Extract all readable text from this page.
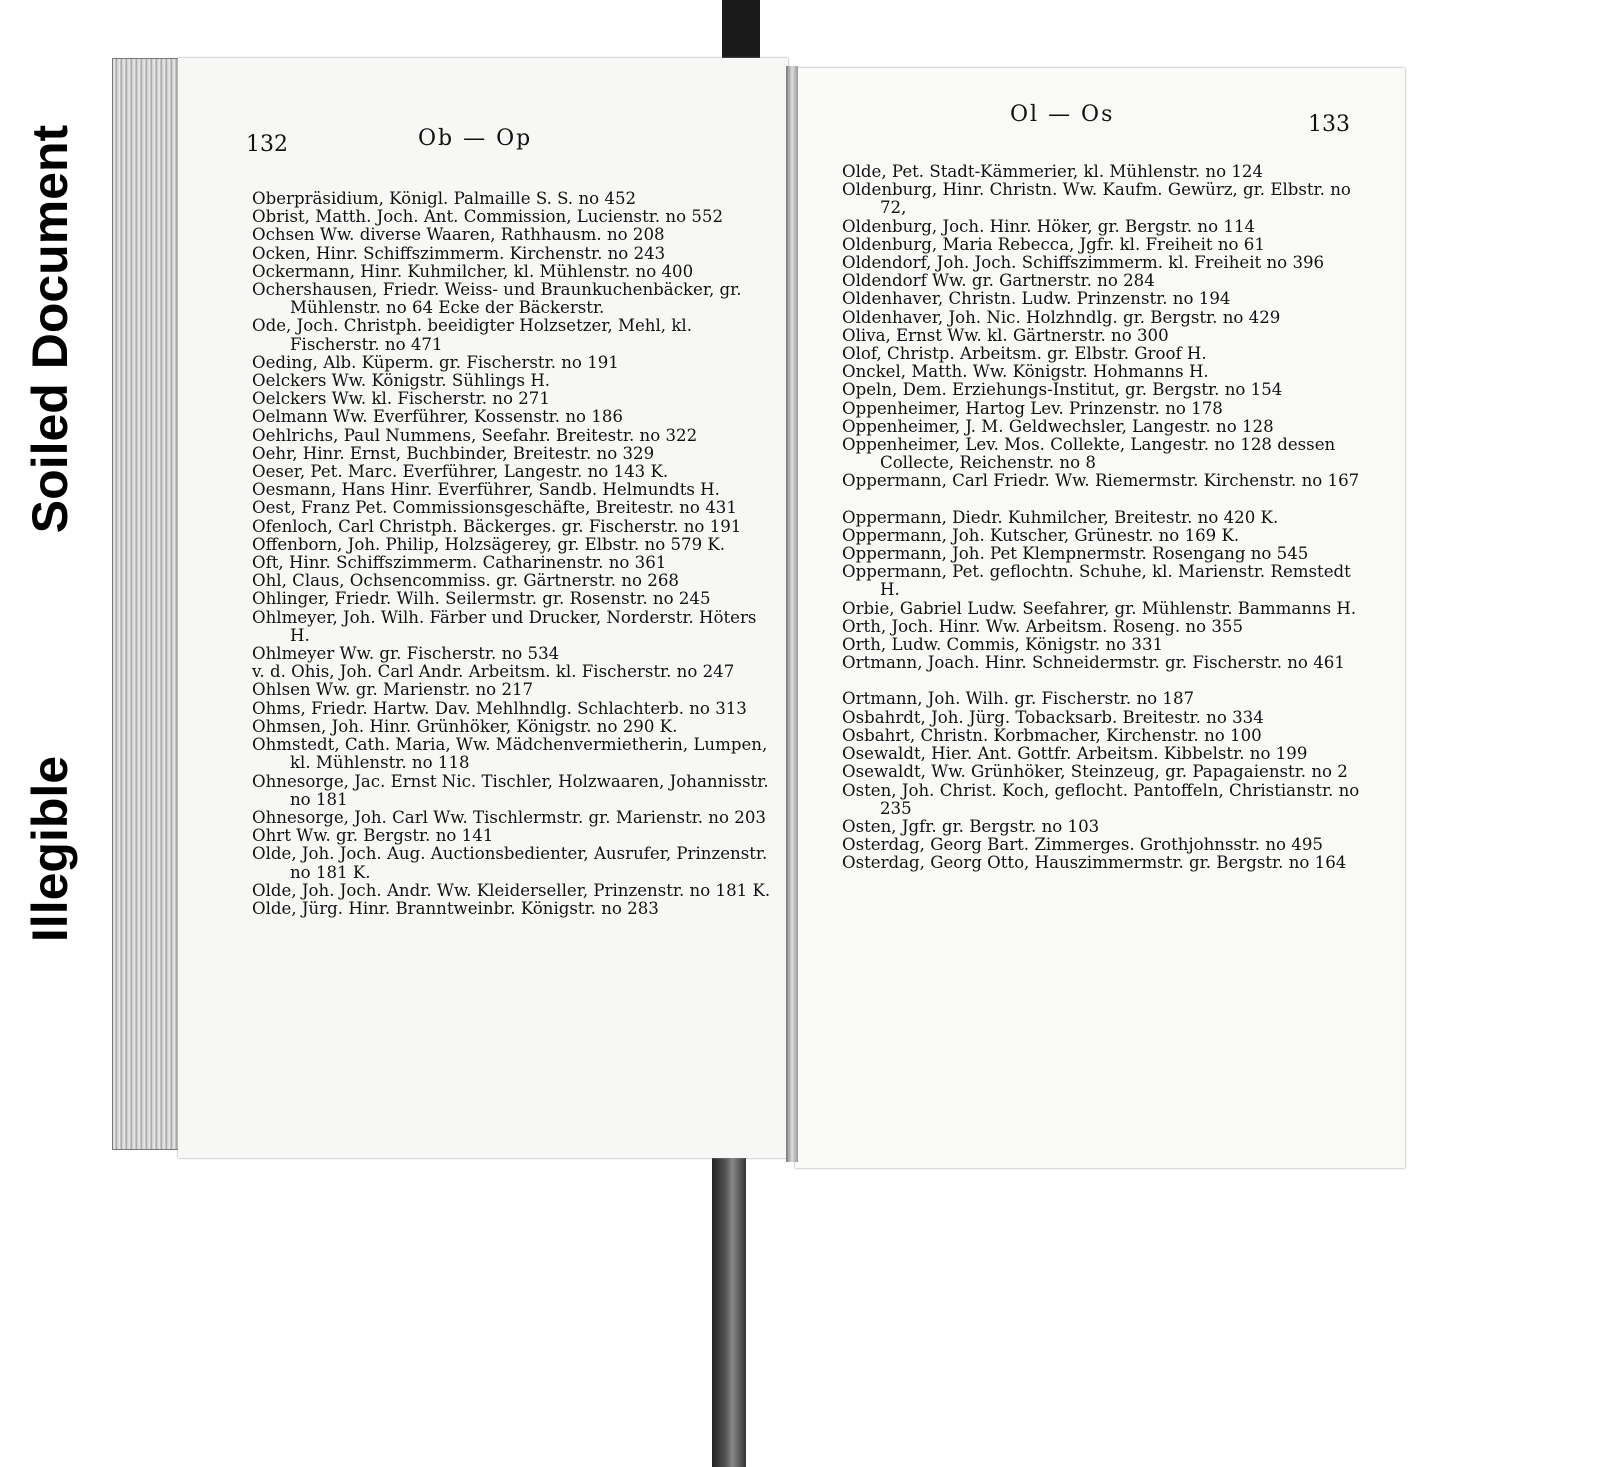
Soiled Document
Illegible
132	Ob — Op
Ol — Os	133

Oberpräsidium, Königl. Palmaille S. S. no 452

Obrist, Matth. Joch. Ant. Commission, Lucienstr. no 552

Ochsen Ww. diverse Waaren, Rathhausm. no 208

Ocken, Hinr. Schiffszimmerm. Kirchenstr. no 243

Ockermann, Hinr. Kuhmilcher, kl. Mühlenstr. no 400

Ochershausen, Friedr. Weiss- und Braunkuchenbäcker, gr. Mühlenstr. no 64 Ecke der Bäckerstr.

Ode, Joch. Christph. beeidigter Holzsetzer, Mehl, kl. Fischerstr. no 471

Oeding, Alb. Küperm. gr. Fischerstr. no 191

Oelckers Ww. Königstr. Sühlings H.

Oelckers Ww. kl. Fischerstr. no 271

Oelmann Ww. Everführer, Kossenstr. no 186

Oehlrichs, Paul Nummens, Seefahr. Breitestr. no 322

Oehr, Hinr. Ernst, Buchbinder, Breitestr. no 329

Oeser, Pet. Marc. Everführer, Langestr. no 143 K.

Oesmann, Hans Hinr. Everführer, Sandb. Helmundts H.

Oest, Franz Pet. Commissionsgeschäfte, Breitestr. no 431

Ofenloch, Carl Christph. Bäckerges. gr. Fischerstr. no 191

Offenborn, Joh. Philip, Holzsägerey, gr. Elbstr. no 579 K.

Oft, Hinr. Schiffszimmerm. Catharinenstr. no 361

Ohl, Claus, Ochsencommiss. gr. Gärtnerstr. no 268

Ohlinger, Friedr. Wilh. Seilermstr. gr. Rosenstr. no 245

Ohlmeyer, Joh. Wilh. Färber und Drucker, Norderstr. Höters H.

Ohlmeyer Ww. gr. Fischerstr. no 534

v. d. Ohis, Joh. Carl Andr. Arbeitsm. kl. Fischerstr. no 247

Ohlsen Ww. gr. Marienstr. no 217

Ohms, Friedr. Hartw. Dav. Mehlhndlg. Schlachterb. no 313

Ohmsen, Joh. Hinr. Grünhöker, Königstr. no 290 K.

Ohmstedt, Cath. Maria, Ww. Mädchenvermietherin, Lumpen, kl. Mühlenstr. no 118

Ohnesorge, Jac. Ernst Nic. Tischler, Holzwaaren, Johannisstr. no 181

Ohnesorge, Joh. Carl Ww. Tischlermstr. gr. Marienstr. no 203

Ohrt Ww. gr. Bergstr. no 141

Olde, Joh. Joch. Aug. Auctionsbedienter, Ausrufer, Prinzenstr. no 181 K.

Olde, Joh. Joch. Andr. Ww. Kleiderseller, Prinzenstr. no 181 K.

Olde, Jürg. Hinr. Branntweinbr. Königstr. no 283

Olde, Pet. Stadt-Kämmerier, kl. Mühlenstr. no 124

Oldenburg, Hinr. Christn. Ww. Kaufm. Gewürz, gr. Elbstr. no 72,

Oldenburg, Joch. Hinr. Höker, gr. Bergstr. no 114

Oldenburg, Maria Rebecca, Jgfr. kl. Freiheit no 61

Oldendorf, Joh. Joch. Schiffszimmerm. kl. Freiheit no 396

Oldendorf Ww. gr. Gartnerstr. no 284

Oldenhaver, Christn. Ludw. Prinzenstr. no 194

Oldenhaver, Joh. Nic. Holzhndlg. gr. Bergstr. no 429

Oliva, Ernst Ww. kl. Gärtnerstr. no 300

Olof, Christp. Arbeitsm. gr. Elbstr. Groof H.

Onckel, Matth. Ww. Königstr. Hohmanns H.

Opeln, Dem. Erziehungs-Institut, gr. Bergstr. no 154

Oppenheimer, Hartog Lev. Prinzenstr. no 178

Oppenheimer, J. M. Geldwechsler, Langestr. no 128

Oppenheimer, Lev. Mos. Collekte, Langestr. no 128 dessen Collecte, Reichenstr. no 8

Oppermann, Carl Friedr. Ww. Riemermstr. Kirchenstr. no 167

Oppermann, Diedr. Kuhmilcher, Breitestr. no 420 K.

Oppermann, Joh. Kutscher, Grünestr. no 169 K.

Oppermann, Joh. Pet Klempnermstr. Rosengang no 545

Oppermann, Pet. geflochtn. Schuhe, kl. Marienstr. Remstedt H.

Orbie, Gabriel Ludw. Seefahrer, gr. Mühlenstr. Bammanns H.

Orth, Joch. Hinr. Ww. Arbeitsm. Roseng. no 355

Orth, Ludw. Commis, Königstr. no 331

Ortmann, Joach. Hinr. Schneidermstr. gr. Fischerstr. no 461

Ortmann, Joh. Wilh. gr. Fischerstr. no 187

Osbahrdt, Joh. Jürg. Tobacksarb. Breitestr. no 334

Osbahrt, Christn. Korbmacher, Kirchenstr. no 100

Osewaldt, Hier. Ant. Gottfr. Arbeitsm. Kibbelstr. no 199

Osewaldt, Ww. Grünhöker, Steinzeug, gr. Papagaienstr. no 2

Osten, Joh. Christ. Koch, geflocht. Pantoffeln, Christianstr. no 235

Osten, Jgfr. gr. Bergstr. no 103

Osterdag, Georg Bart. Zimmerges. Grothjohnsstr. no 495

Osterdag, Georg Otto, Hauszimmermstr. gr. Bergstr. no 164
